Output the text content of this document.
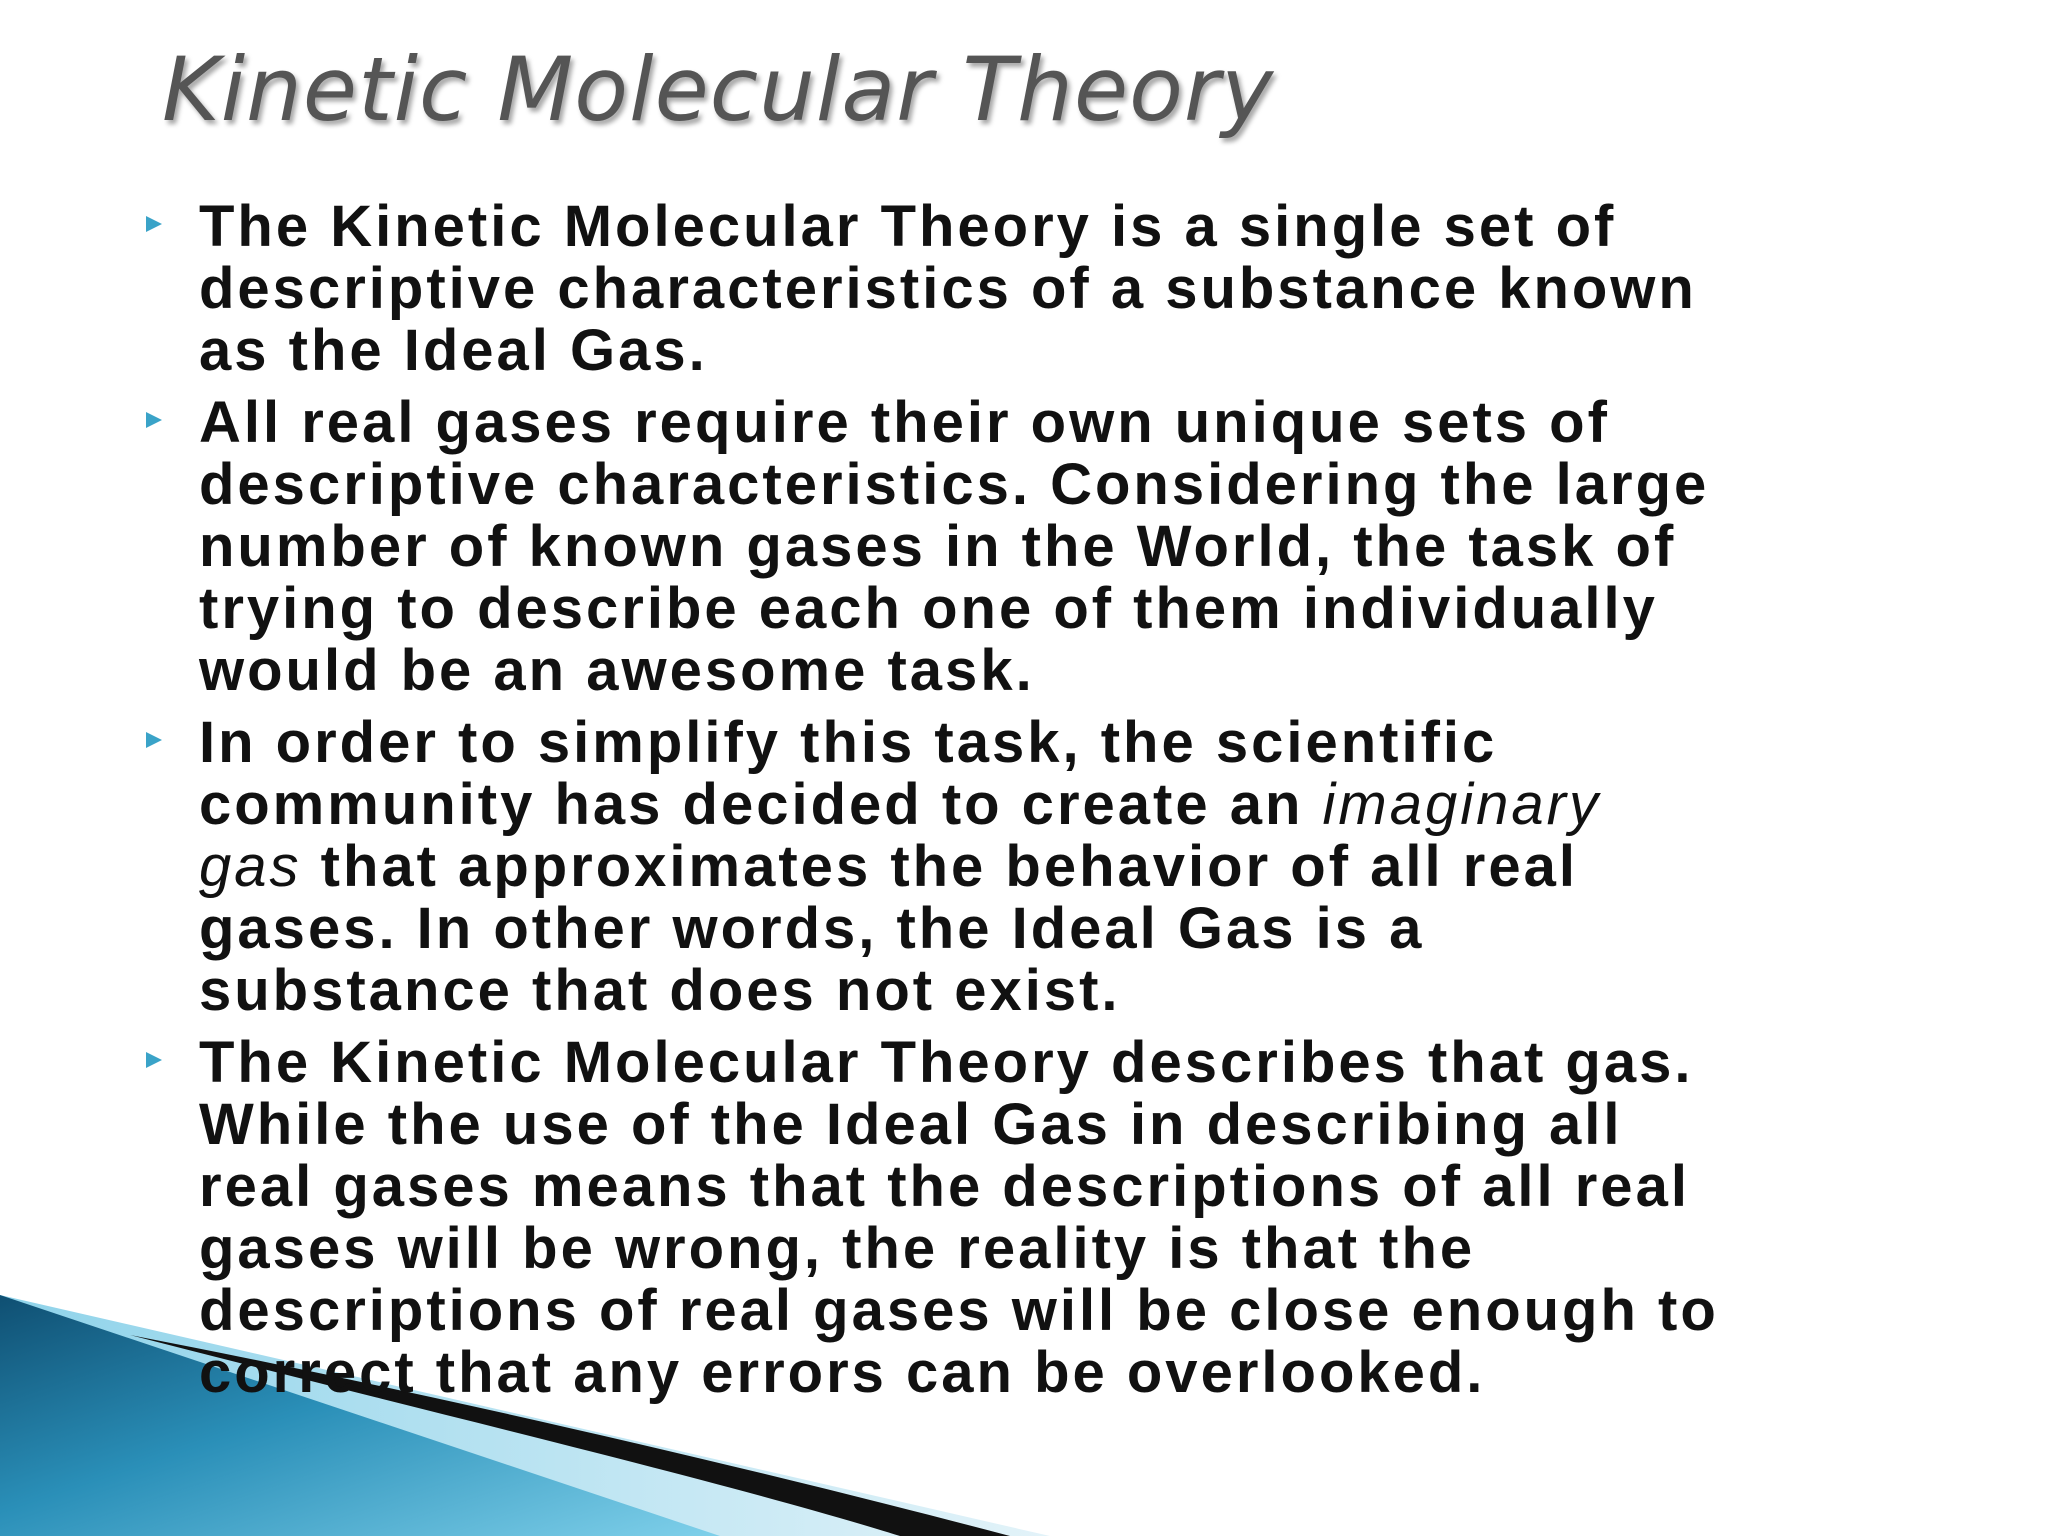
Kinetic Molecular Theory
The Kinetic Molecular Theory is a single set of
descriptive characteristics of a substance known
as the Ideal Gas.
All real gases require their own unique sets of
descriptive characteristics. Considering the large
number of known gases in the World, the task of
trying to describe each one of them individually
would be an awesome task.
In order to simplify this task, the scientific
community has decided to create an imaginary
gas that approximates the behavior of all real
gases. In other words, the Ideal Gas is a
substance that does not exist.
The Kinetic Molecular Theory describes that gas.
While the use of the Ideal Gas in describing all
real gases means that the descriptions of all real
gases will be wrong, the reality is that the
descriptions of real gases will be close enough to
correct that any errors can be overlooked.
